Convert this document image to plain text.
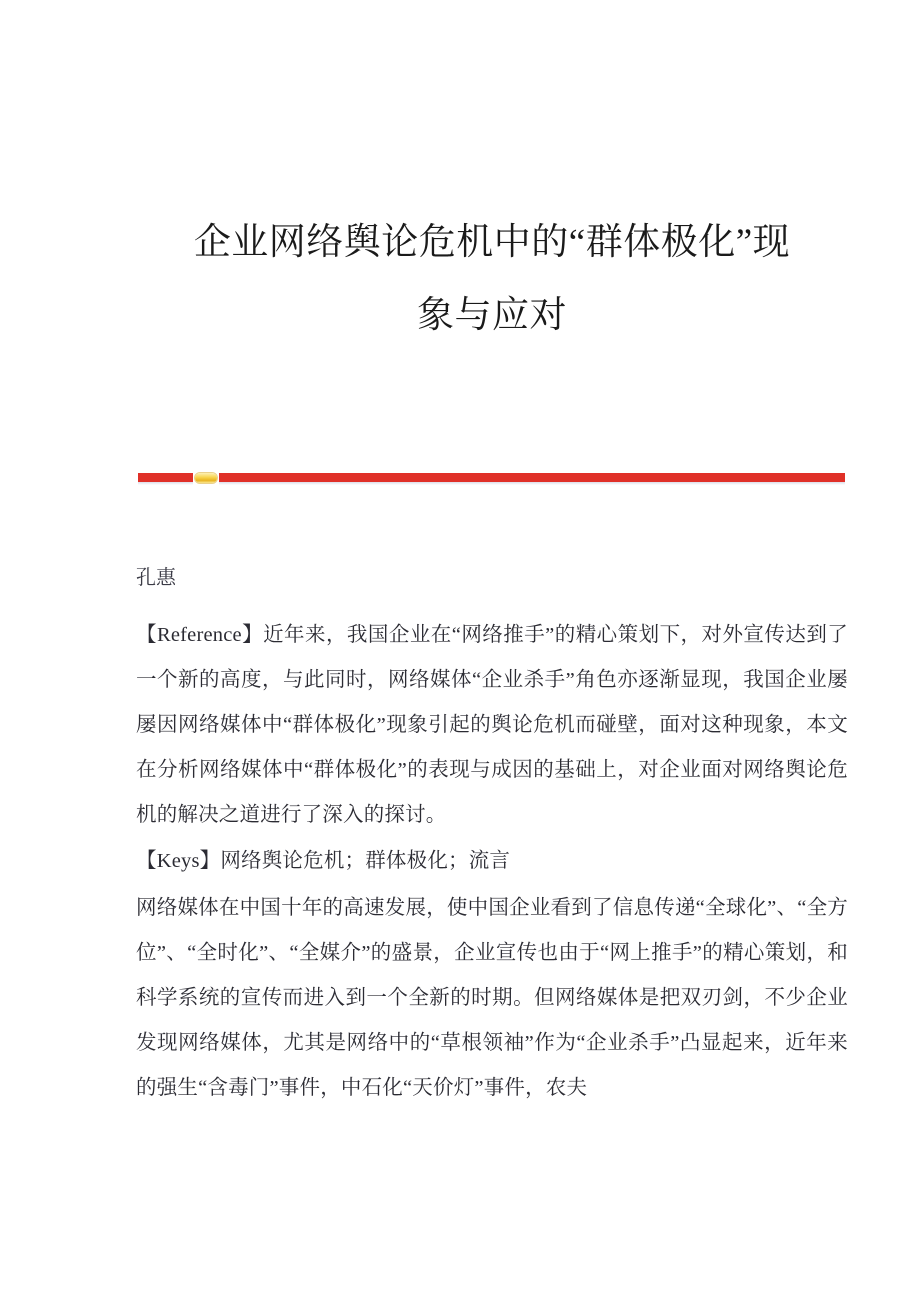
企业网络舆论危机中的“群体极化”现
象与应对

孔惠

【Reference】近年来，我国企业在“网络推手”的精心策划下，对外宣传达到了一个新的高度，与此同时，网络媒体“企业杀手”角色亦逐渐显现，我国企业屡屡因网络媒体中“群体极化”现象引起的舆论危机而碰壁，面对这种现象，本文在分析网络媒体中“群体极化”的表现与成因的基础上，对企业面对网络舆论危机的解决之道进行了深入的探讨。

【Keys】网络舆论危机；群体极化；流言

网络媒体在中国十年的高速发展，使中国企业看到了信息传递“全球化”、“全方位”、“全时化”、“全媒介”的盛景，企业宣传也由于“网上推手”的精心策划，和科学系统的宣传而进入到一个全新的时期。但网络媒体是把双刃剑，不少企业发现网络媒体，尤其是网络中的“草根领袖”作为“企业杀手”凸显起来，近年来的强生“含毒门”事件，中石化“天价灯”事件，农夫
